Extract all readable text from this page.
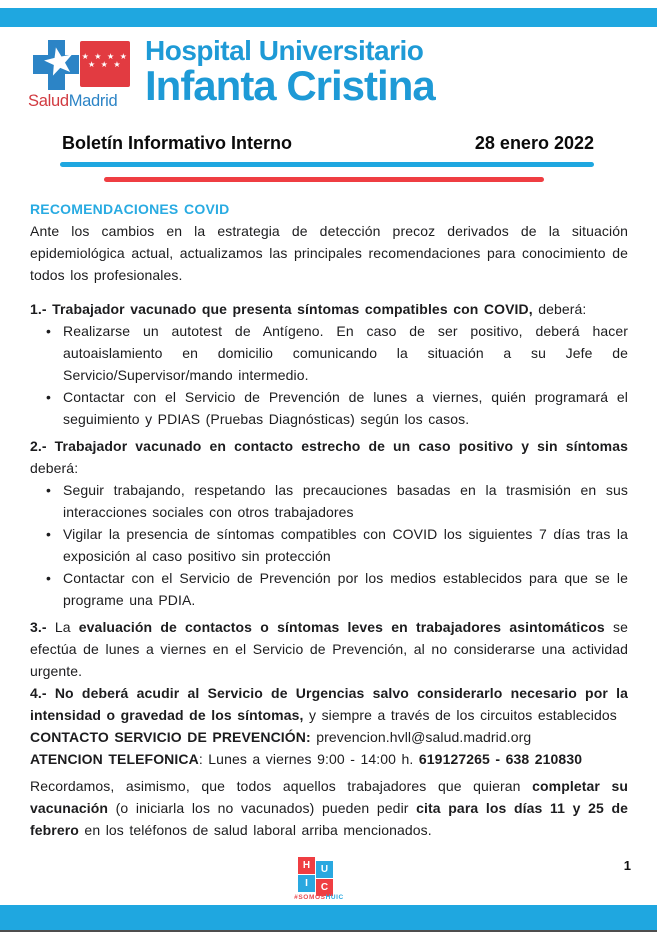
★ ★ ★ ★
★ ★ ★
SaludMadrid
Hospital Universitario
Infanta Cristina
Boletín Informativo Interno	28 enero 2022
RECOMENDACIONES COVID

Ante los cambios en la estrategia de detección precoz derivados de la situación epidemiológica actual, actualizamos las principales recomendaciones para conocimiento de todos los profesionales.

1.- Trabajador vacunado que presenta síntomas compatibles con COVID, deberá:

• Realizarse un autotest de Antígeno. En caso de ser positivo, deberá hacer autoaislamiento en domicilio comunicando la situación a su Jefe de Servicio/Supervisor/mando intermedio.
• Contactar con el Servicio de Prevención de lunes a viernes, quién programará el seguimiento y PDIAS (Pruebas Diagnósticas) según los casos.

2.- Trabajador vacunado en contacto estrecho de un caso positivo y sin síntomas deberá:

• Seguir trabajando, respetando las precauciones basadas en la trasmisión en sus interacciones sociales con otros trabajadores
• Vigilar la presencia de síntomas compatibles con COVID los siguientes 7 días tras la exposición al caso positivo sin protección
• Contactar con el Servicio de Prevención por los medios establecidos para que se le programe una PDIA.

3.- La evaluación de contactos o síntomas leves en trabajadores asintomáticos se efectúa de lunes a viernes en el Servicio de Prevención, al no considerarse una actividad urgente.

4.- No deberá acudir al Servicio de Urgencias salvo considerarlo necesario por la intensidad o gravedad de los síntomas, y siempre a través de los circuitos establecidos

CONTACTO SERVICIO DE PREVENCIÓN: prevencion.hvll@salud.madrid.org

ATENCION TELEFONICA: Lunes a viernes 9:00 - 14:00 h. 619127265 - 638 210830

Recordamos, asimismo, que todos aquellos trabajadores que quieran completar su vacunación (o iniciarla los no vacunados) pueden pedir cita para los días 11 y 25 de febrero en los teléfonos de salud laboral arriba mencionados.

H	U
I	C
#SOMOSHUIC
1
